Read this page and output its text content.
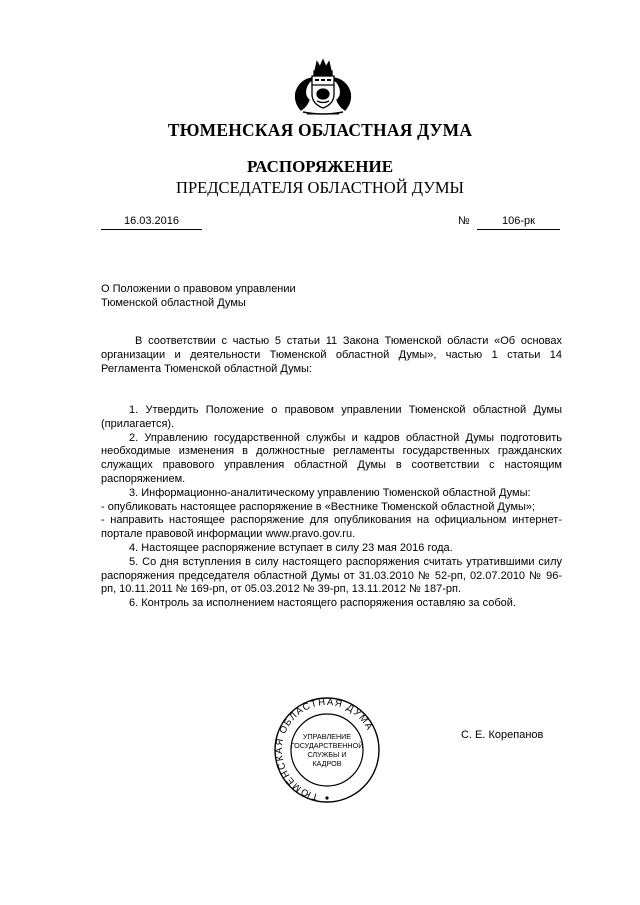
ТЮМЕНСКАЯ ОБЛАСТНАЯ ДУМА
РАСПОРЯЖЕНИЕ
ПРЕДСЕДАТЕЛЯ ОБЛАСТНОЙ ДУМЫ
16.03.2016	№	106-рк
О Положении о правовом управлении
Тюменской областной Думы

В соответствии с частью 5 статьи 11 Закона Тюменской области «Об основах организации и деятельности Тюменской областной Думы», частью 1 статьи 14 Регламента Тюменской областной Думы:

1. Утвердить Положение о правовом управлении Тюменской областной Думы (прилагается).

2. Управлению государственной службы и кадров областной Думы подготовить необходимые изменения в должностные регламенты государственных гражданских служащих правового управления областной Думы в соответствии с настоящим распоряжением.

3. Информационно-аналитическому управлению Тюменской областной Думы:

- опубликовать настоящее распоряжение в «Вестнике Тюменской областной Думы»;

- направить настоящее распоряжение для опубликования на официальном интернет-портале правовой информации www.pravo.gov.ru.

4. Настоящее распоряжение вступает в силу 23 мая 2016 года.

5. Со дня вступления в силу настоящего распоряжения считать утратившими силу распоряжения председателя областной Думы от 31.03.2010 № 52-рп, 02.07.2010 № 96-рп, 10.11.2011 № 169-рп, от 05.03.2012 № 39-рп, 13.11.2012 № 187-рп.

6. Контроль за исполнением настоящего распоряжения оставляю за собой.

ТЮМЕНСКАЯ ОБЛАСТНАЯ ДУМА
УПРАВЛЕНИЕ
ГОСУДАРСТВЕННОЙ
СЛУЖБЫ И
КАДРОВ
С. Е. Корепанов
